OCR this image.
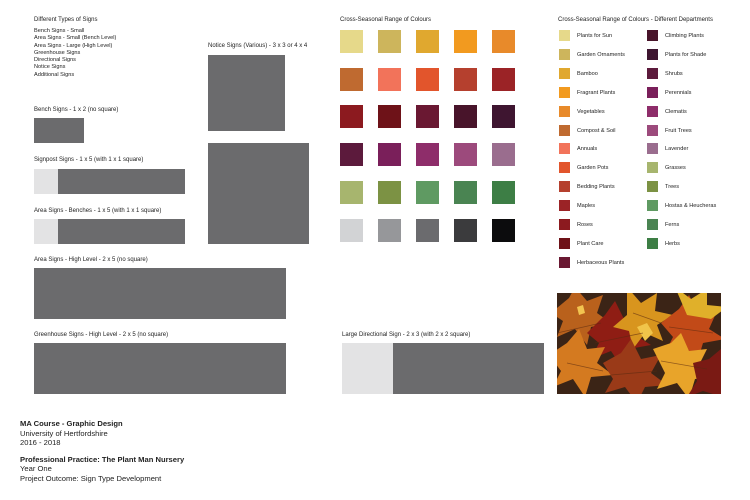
Different Types of Signs
Bench Signs - Small
Area Signs - Small (Bench Level)
Area Signs - Large (High Level)
Greenhouse Signs
Directional Signs
Notice Signs
Additional Signs
Bench Signs - 1 x 2 (no square)
Signpost Signs - 1 x 5 (with 1 x 1 square)
Area Signs - Benches - 1 x 5 (with 1 x 1 square)
Area Signs - High Level - 2 x 5 (no square)
Greenhouse Signs - High Level - 2 x 5 (no square)
Notice Signs (Various) - 3 x 3 or 4 x 4
Large Directional Sign - 2 x 3 (with 2 x 2 square)
Cross-Seasonal Range of Colours	Cross-Seasonal Range of Colours - Different Departments
Plants for Sun
Garden Ornaments
Bamboo
Fragrant Plants
Vegetables
Compost & Soil
Annuals
Garden Pots
Bedding Plants
Maples
Roses
Plant Care
Herbaceous Plants
Climbing Plants
Plants for Shade
Shrubs
Perennials
Clematis
Fruit Trees
Lavender
Grasses
Trees
Hostas & Heucheras
Ferns
Herbs
MA Course - Graphic Design
University of Hertfordshire
2016 - 2018
Professional Practice: The Plant Man Nursery
Year One
Project Outcome: Sign Type Development
